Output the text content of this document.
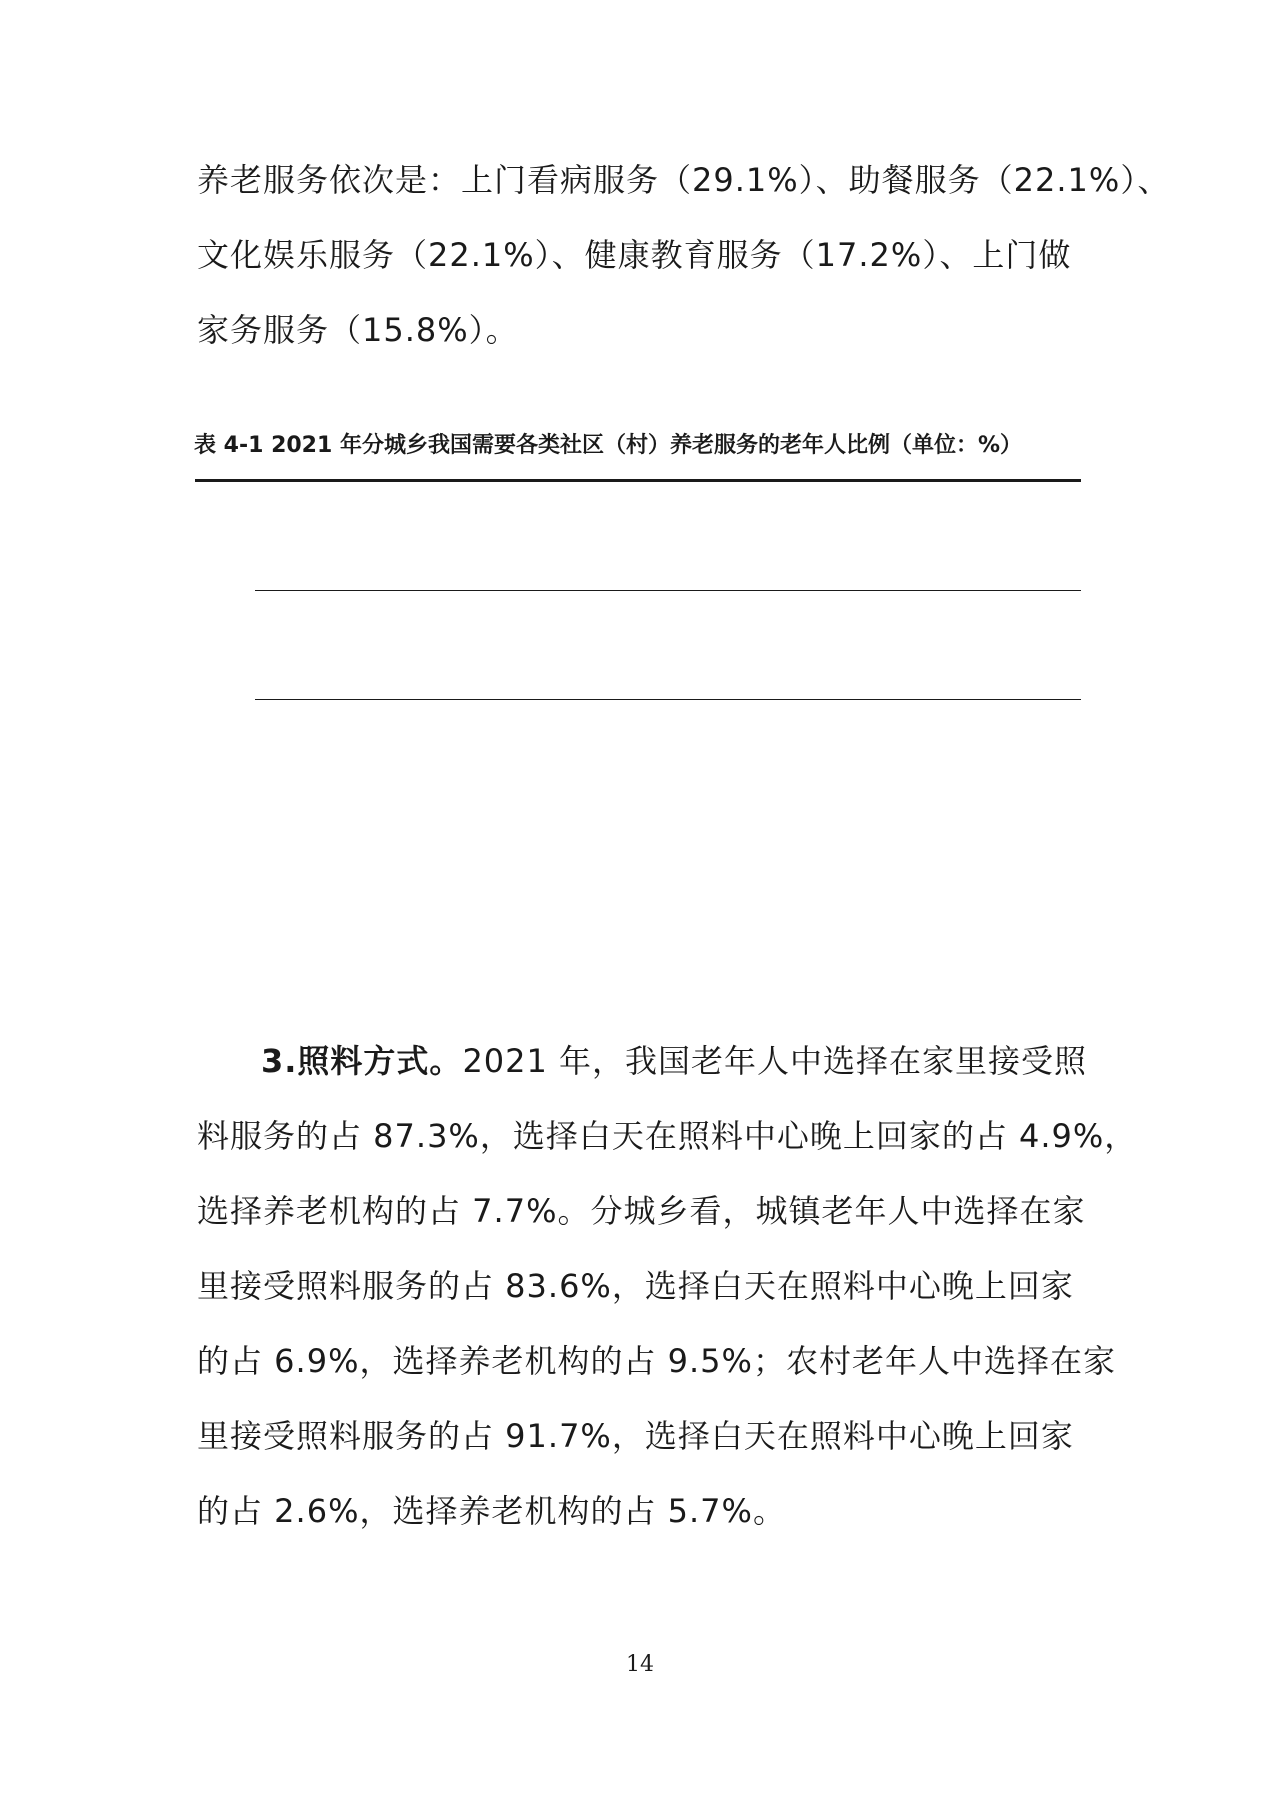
养老服务依次是：上门看病服务（29.1%）、助餐服务（22.1%）、
文化娱乐服务（22.1%）、健康教育服务（17.2%）、上门做
家务服务（15.8%）。

表 4-1 2021 年分城乡我国需要各类社区（村）养老服务的老年人比例（单位：%）

3.照料方式。2021 年，我国老年人中选择在家里接受照
料服务的占 87.3%，选择白天在照料中心晚上回家的占 4.9%，
选择养老机构的占 7.7%。分城乡看，城镇老年人中选择在家
里接受照料服务的占 83.6%，选择白天在照料中心晚上回家
的占 6.9%，选择养老机构的占 9.5%；农村老年人中选择在家
里接受照料服务的占 91.7%，选择白天在照料中心晚上回家
的占 2.6%，选择养老机构的占 5.7%。
14
